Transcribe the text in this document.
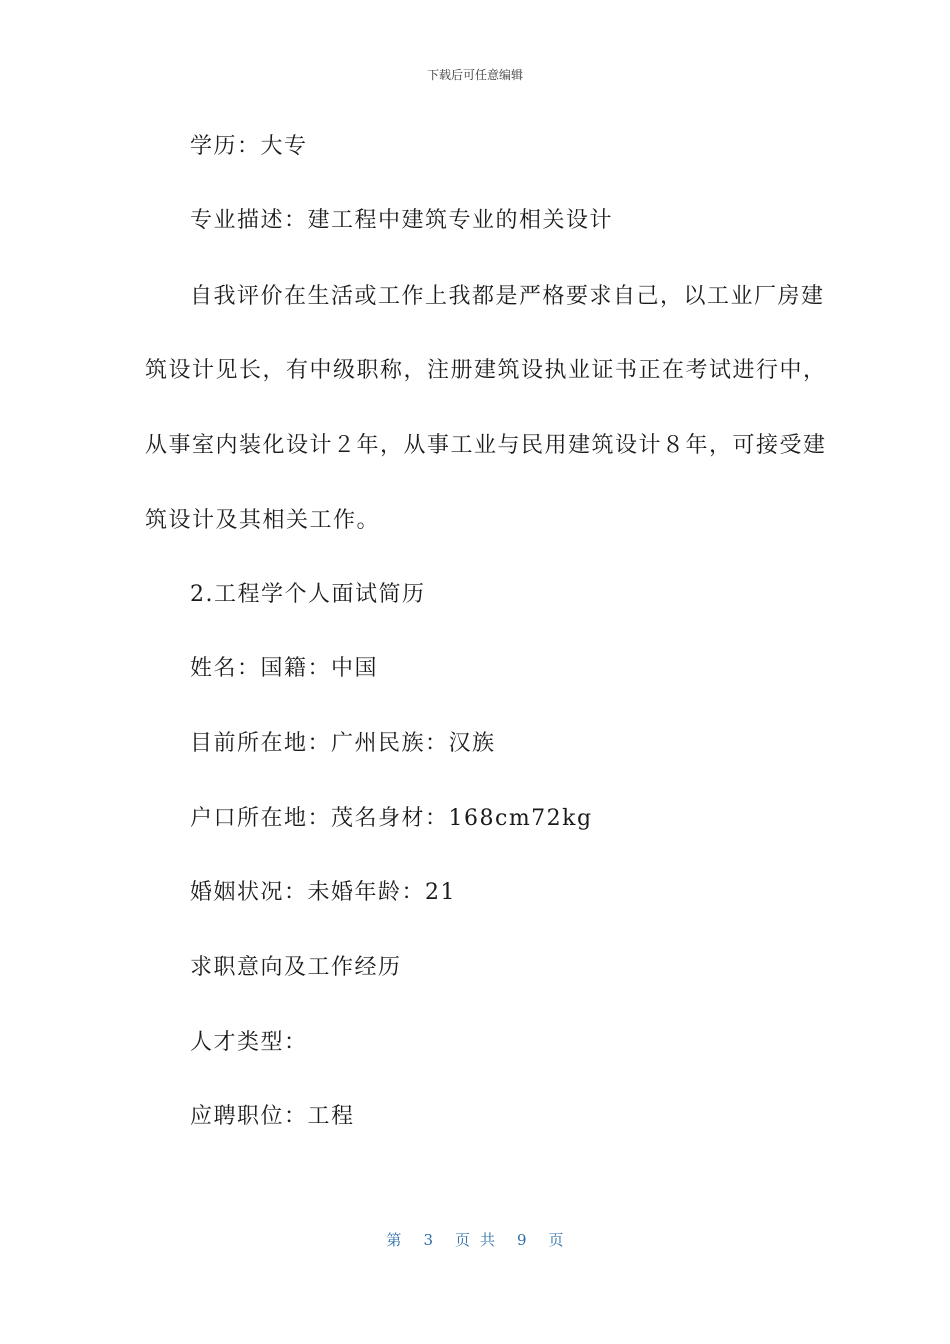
下载后可任意编辑
学历：大专
专业描述：建工程中建筑专业的相关设计
自我评价在生活或工作上我都是严格要求自己，以工业厂房建
筑设计见长，有中级职称，注册建筑设执业证书正在考试进行中，
从事室内装化设计２年，从事工业与民用建筑设计８年，可接受建
筑设计及其相关工作。
2.工程学个人面试简历
姓名：国籍：中国
目前所在地：广州民族：汉族
户口所在地：茂名身材：168cm72kg
婚姻状况：未婚年龄：21
求职意向及工作经历
人才类型：
应聘职位：工程
第 3 页共 9 页
